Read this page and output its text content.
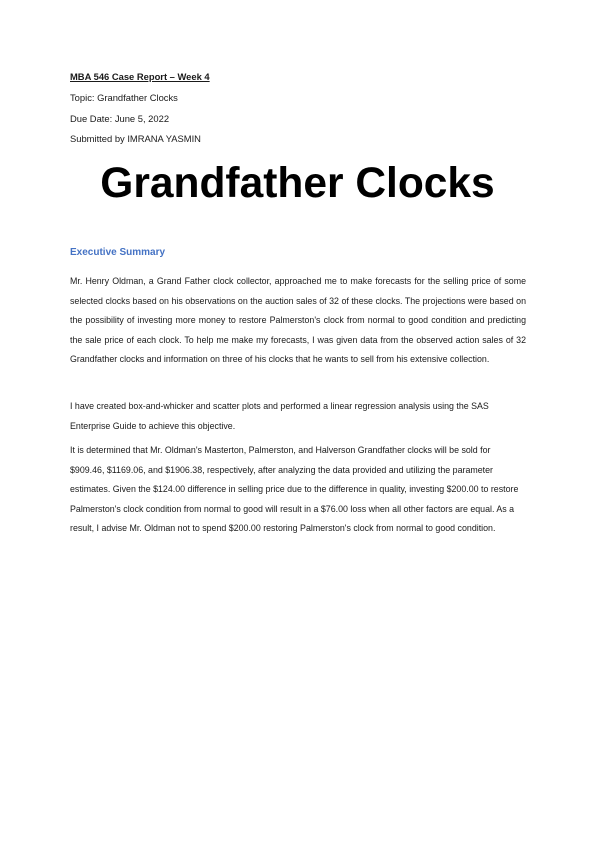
MBA 546 Case Report – Week 4
Topic: Grandfather Clocks
Due Date: June 5, 2022
Submitted by IMRANA YASMIN
Grandfather Clocks
Executive Summary

Mr. Henry Oldman, a Grand Father clock collector, approached me to make forecasts for the selling price of some selected clocks based on his observations on the auction sales of 32 of these clocks. The projections were based on the possibility of investing more money to restore Palmerston's clock from normal to good condition and predicting the sale price of each clock. To help me make my forecasts, I was given data from the observed action sales of 32 Grandfather clocks and information on three of his clocks that he wants to sell from his extensive collection.

I have created box-and-whicker and scatter plots and performed a linear regression analysis using the SAS Enterprise Guide to achieve this objective.

It is determined that Mr. Oldman's Masterton, Palmerston, and Halverson Grandfather clocks will be sold for $909.46, $1169.06, and $1906.38, respectively, after analyzing the data provided and utilizing the parameter estimates. Given the $124.00 difference in selling price due to the difference in quality, investing $200.00 to restore Palmerston's clock condition from normal to good will result in a $76.00 loss when all other factors are equal. As a result, I advise Mr. Oldman not to spend $200.00 restoring Palmerston's clock from normal to good condition.
